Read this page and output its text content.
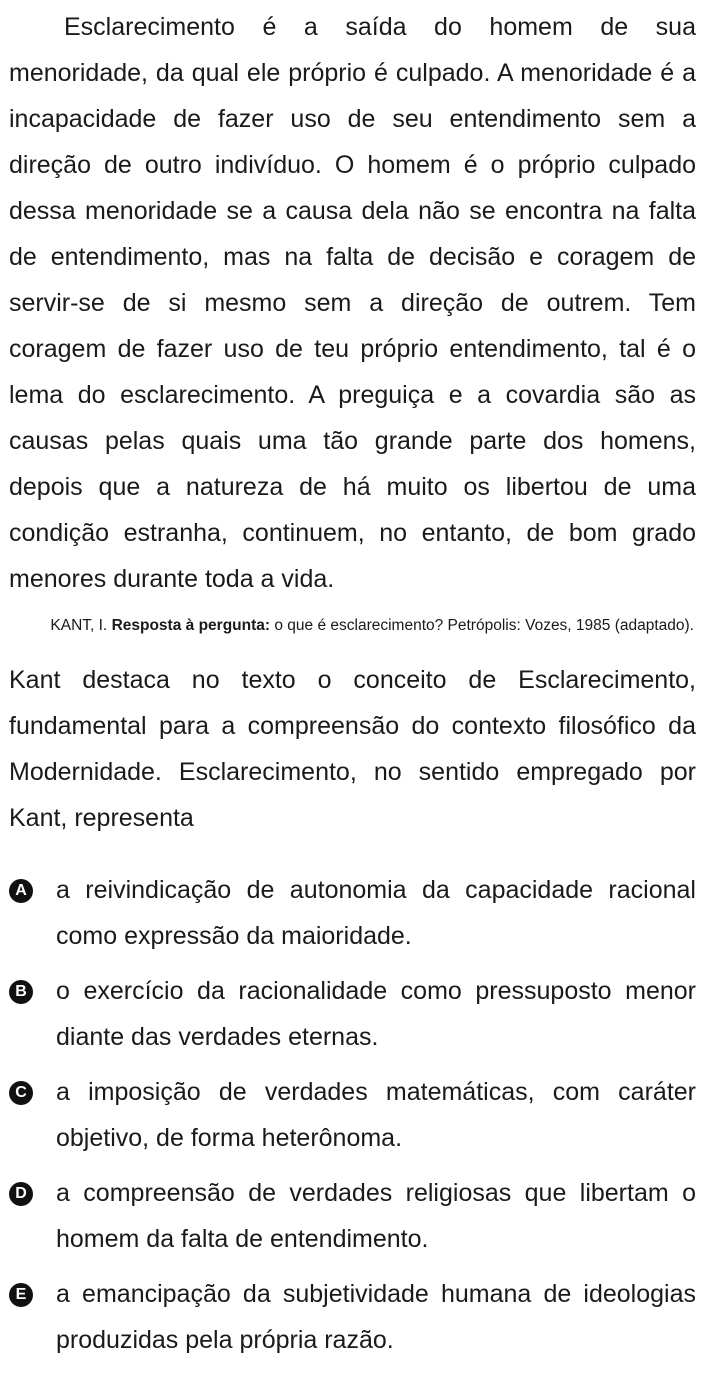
Esclarecimento é a saída do homem de sua menoridade, da qual ele próprio é culpado. A menoridade é a incapacidade de fazer uso de seu entendimento sem a direção de outro indivíduo. O homem é o próprio culpado dessa menoridade se a causa dela não se encontra na falta de entendimento, mas na falta de decisão e coragem de servir-se de si mesmo sem a direção de outrem. Tem coragem de fazer uso de teu próprio entendimento, tal é o lema do esclarecimento. A preguiça e a covardia são as causas pelas quais uma tão grande parte dos homens, depois que a natureza de há muito os libertou de uma condição estranha, continuem, no entanto, de bom grado menores durante toda a vida.

KANT, I. Resposta à pergunta: o que é esclarecimento? Petrópolis: Vozes, 1985 (adaptado).

Kant destaca no texto o conceito de Esclarecimento, fundamental para a compreensão do contexto filosófico da Modernidade. Esclarecimento, no sentido empregado por Kant, representa

A a reivindicação de autonomia da capacidade racional como expressão da maioridade.
B o exercício da racionalidade como pressuposto menor diante das verdades eternas.
C a imposição de verdades matemáticas, com caráter objetivo, de forma heterônoma.
D a compreensão de verdades religiosas que libertam o homem da falta de entendimento.
E a emancipação da subjetividade humana de ideologias produzidas pela própria razão.
